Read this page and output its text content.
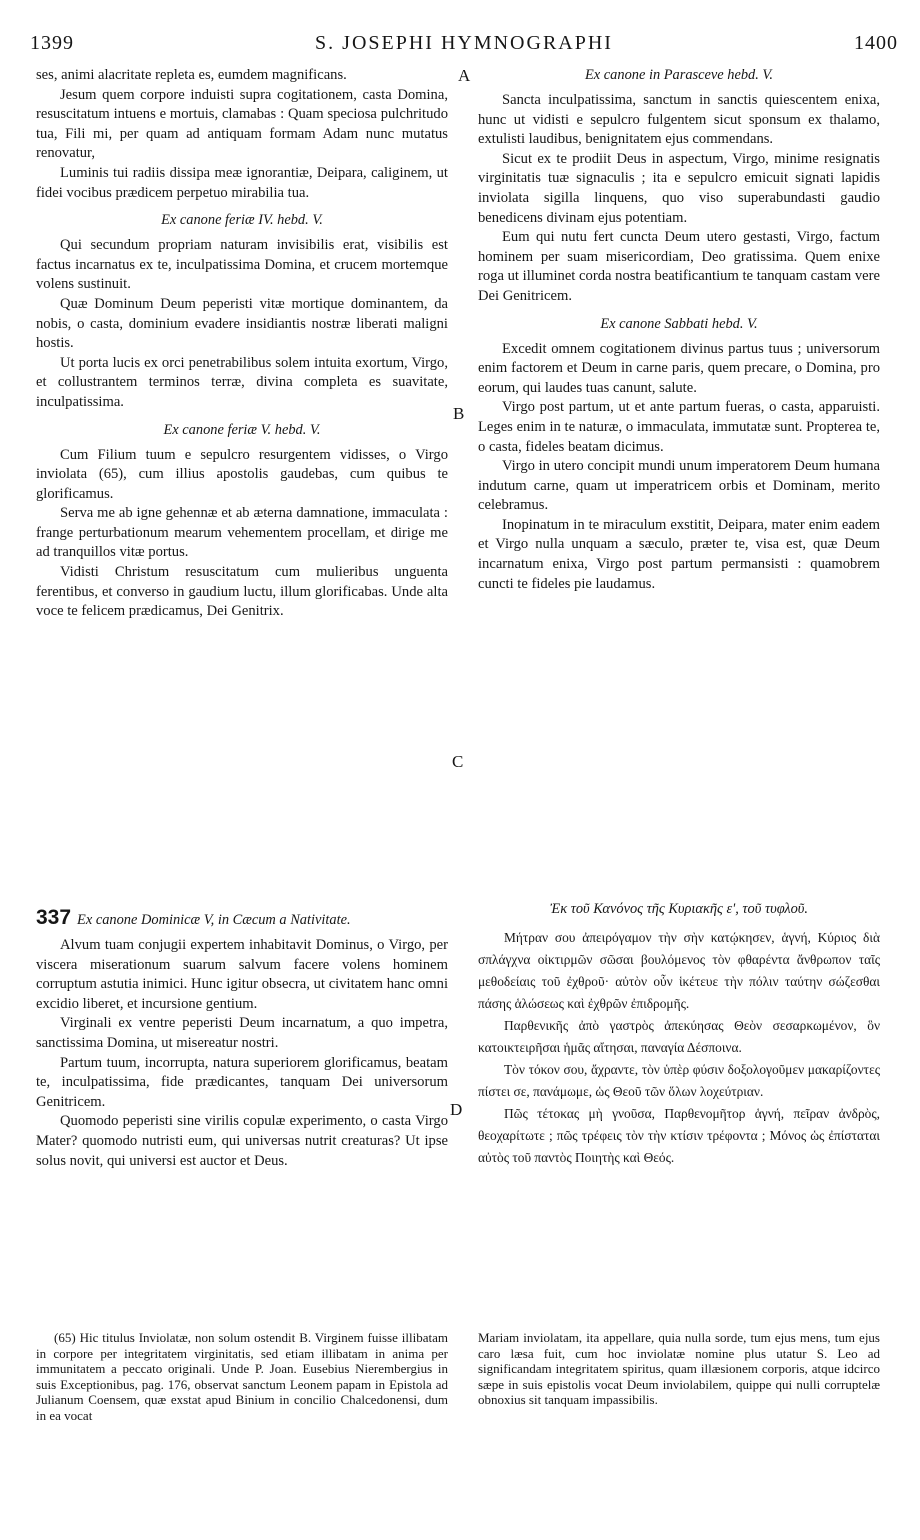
1399	S. JOSEPHI HYMNOGRAPHI	1400
A
B
C
D

ses, animi alacritate repleta es, eumdem magnificans.

Jesum quem corpore induisti supra cogitationem, casta Domina, resuscitatum intuens e mortuis, clamabas : Quam speciosa pulchritudo tua, Fili mi, per quam ad antiquam formam Adam nunc mutatus renovatur,

Luminis tui radiis dissipa meæ ignorantiæ, Deipara, caliginem, ut fidei vocibus prædicem perpetuo mirabilia tua.

Ex canone feriæ IV. hebd. V.

Qui secundum propriam naturam invisibilis erat, visibilis est factus incarnatus ex te, inculpatissima Domina, et crucem mortemque volens sustinuit.

Quæ Dominum Deum peperisti vitæ mortique dominantem, da nobis, o casta, dominium evadere insidiantis nostræ liberati maligni hostis.

Ut porta lucis ex orci penetrabilibus solem intuita exortum, Virgo, et collustrantem terminos terræ, divina completa es suavitate, inculpatissima.

Ex canone feriæ V. hebd. V.

Cum Filium tuum e sepulcro resurgentem vidisses, o Virgo inviolata (65), cum illius apostolis gaudebas, cum quibus te glorificamus.

Serva me ab igne gehennæ et ab æterna damnatione, immaculata : frange perturbationum mearum vehementem procellam, et dirige me ad tranquillos vitæ portus.

Vidisti Christum resuscitatum cum mulieribus unguenta ferentibus, et converso in gaudium luctu, illum glorificabas. Unde alta voce te felicem prædicamus, Dei Genitrix.

337 Ex canone Dominicæ V, in Cæcum a Nativitate.

Alvum tuam conjugii expertem inhabitavit Dominus, o Virgo, per viscera miserationum suarum salvum facere volens hominem corruptum astutia inimici. Hunc igitur obsecra, ut civitatem hanc omni excidio liberet, et incursione gentium.

Virginali ex ventre peperisti Deum incarnatum, a quo impetra, sanctissima Domina, ut misereatur nostri.

Partum tuum, incorrupta, natura superiorem glorificamus, beatam te, inculpatissima, fide prædicantes, tanquam Dei universorum Genitricem.

Quomodo peperisti sine virilis copulæ experimento, o casta Virgo Mater? quomodo nutristi eum, qui universas nutrit creaturas? Ut ipse solus novit, qui universi est auctor et Deus.

(65) Hic titulus Inviolatæ, non solum ostendit B. Virginem fuisse illibatam in corpore per integritatem virginitatis, sed etiam illibatam in anima per immunitatem a peccato originali. Unde P. Joan. Eusebius Nierembergius in suis Exceptionibus, pag. 176, observat sanctum Leonem papam in Epistola ad Julianum Coensem, quæ exstat apud Binium in concilio Chalcedonensi, dum in ea vocat

Ex canone in Parasceve hebd. V.

Sancta inculpatissima, sanctum in sanctis quiescentem enixa, hunc ut vidisti e sepulcro fulgentem sicut sponsum ex thalamo, extulisti laudibus, benignitatem ejus commendans.

Sicut ex te prodiit Deus in aspectum, Virgo, minime resignatis virginitatis tuæ signaculis ; ita e sepulcro emicuit signati lapidis inviolata sigilla linquens, quo viso superabundasti gaudio benedicens divinam ejus potentiam.

Eum qui nutu fert cuncta Deum utero gestasti, Virgo, factum hominem per suam misericordiam, Deo gratissima. Quem enixe roga ut illuminet corda nostra beatificantium te tanquam castam vere Dei Genitricem.

Ex canone Sabbati hebd. V.

Excedit omnem cogitationem divinus partus tuus ; universorum enim factorem et Deum in carne paris, quem precare, o Domina, pro eorum, qui laudes tuas canunt, salute.

Virgo post partum, ut et ante partum fueras, o casta, apparuisti. Leges enim in te naturæ, o immaculata, immutatæ sunt. Propterea te, o casta, fideles beatam dicimus.

Virgo in utero concipit mundi unum imperatorem Deum humana indutum carne, quam ut imperatricem orbis et Dominam, merito celebramus.

Inopinatum in te miraculum exstitit, Deipara, mater enim eadem et Virgo nulla unquam a sæculo, præter te, visa est, quæ Deum incarnatum enixa, Virgo post partum permansisti : quamobrem cuncti te fideles pie laudamus.

Ἐκ τοῦ Κανόνος τῆς Κυριακῆς ε', τοῦ τυφλοῦ.

Μήτραν σου ἀπειρόγαμον τὴν σὴν κατῴκησεν, ἁγνή, Κύριος διὰ σπλάγχνα οἰκτιρμῶν σῶσαι βουλόμενος τὸν φθαρέντα ἄνθρωπον ταῖς μεθοδείαις τοῦ ἐχθροῦ· αὐτὸν οὖν ἱκέτευε τὴν πόλιν ταύτην σώζεσθαι πάσης ἁλώσεως καὶ ἐχθρῶν ἐπιδρομῆς.

Παρθενικῆς ἀπὸ γαστρὸς ἀπεκύησας Θεὸν σεσαρκωμένον, ὃν κατοικτειρῆσαι ἡμᾶς αἴτησαι, παναγία Δέσποινα.

Τὸν τόκον σου, ἄχραντε, τὸν ὑπὲρ φύσιν δοξολογοῦμεν μακαρίζοντες πίστει σε, πανάμωμε, ὡς Θεοῦ τῶν ὅλων λοχεύτριαν.

Πῶς τέτοκας μὴ γνοῦσα, Παρθενομῆτορ ἁγνή, πεῖραν ἀνδρὸς, θεοχαρίτωτε ; πῶς τρέφεις τὸν τὴν κτίσιν τρέφοντα ; Μόνος ὡς ἐπίσταται αὐτὸς τοῦ παντὸς Ποιητὴς καὶ Θεός.

Mariam inviolatam, ita appellare, quia nulla sorde, tum ejus mens, tum ejus caro læsa fuit, cum hoc inviolatæ nomine plus utatur S. Leo ad significandam integritatem spiritus, quam illæsionem corporis, atque idcirco sæpe in suis epistolis vocat Deum inviolabilem, quippe qui nulli corruptelæ obnoxius sit tanquam impassibilis.
